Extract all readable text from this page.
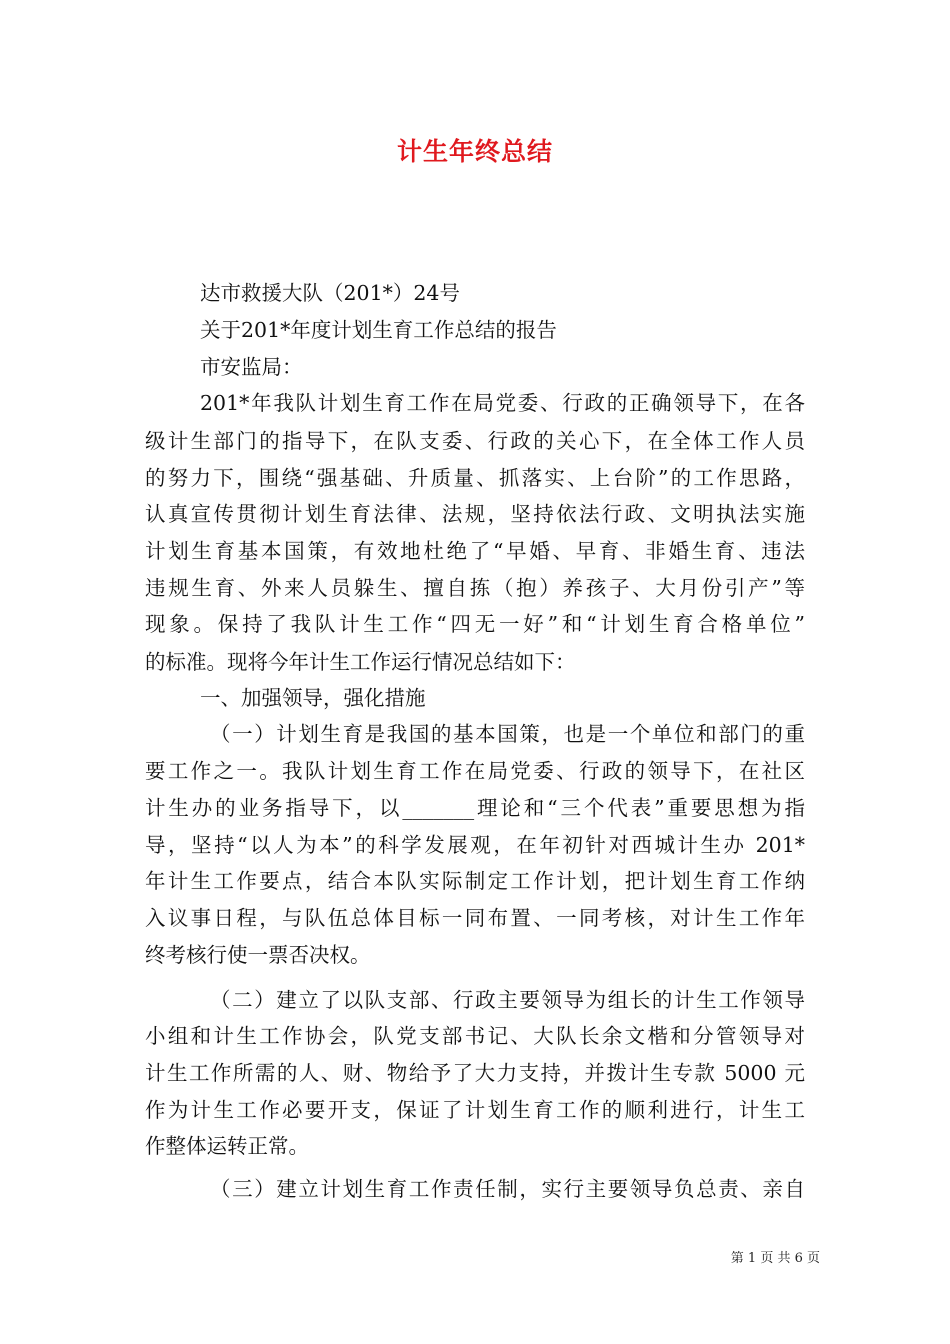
计生年终总结

达市救援大队（201*）24号

关于201*年度计划生育工作总结的报告

市安监局：

201*年我队计划生育工作在局党委、行政的正确领导下，在各

级计生部门的指导下，在队支委、行政的关心下，在全体工作人员

的努力下，围绕“强基础、升质量、抓落实、上台阶”的工作思路，

认真宣传贯彻计划生育法律、法规，坚持依法行政、文明执法实施

计划生育基本国策，有效地杜绝了“早婚、早育、非婚生育、违法

违规生育、外来人员躲生、擅自拣（抱）养孩子、大月份引产”等

现象。保持了我队计生工作“四无一好”和“计划生育合格单位”

的标准。现将今年计生工作运行情况总结如下：

一、加强领导，强化措施

（一）计划生育是我国的基本国策，也是一个单位和部门的重

要工作之一。我队计划生育工作在局党委、行政的领导下，在社区

计生办的业务指导下，以_______理论和“三个代表”重要思想为指

导，坚持“以人为本”的科学发展观，在年初针对西城计生办 201*

年计生工作要点，结合本队实际制定工作计划，把计划生育工作纳

入议事日程，与队伍总体目标一同布置、一同考核，对计生工作年

终考核行使一票否决权。

（二）建立了以队支部、行政主要领导为组长的计生工作领导

小组和计生工作协会，队党支部书记、大队长余文楷和分管领导对

计生工作所需的人、财、物给予了大力支持，并拨计生专款 5000 元

作为计生工作必要开支，保证了计划生育工作的顺利进行，计生工

作整体运转正常。

（三）建立计划生育工作责任制，实行主要领导负总责、亲自

第 1 页 共 6 页
